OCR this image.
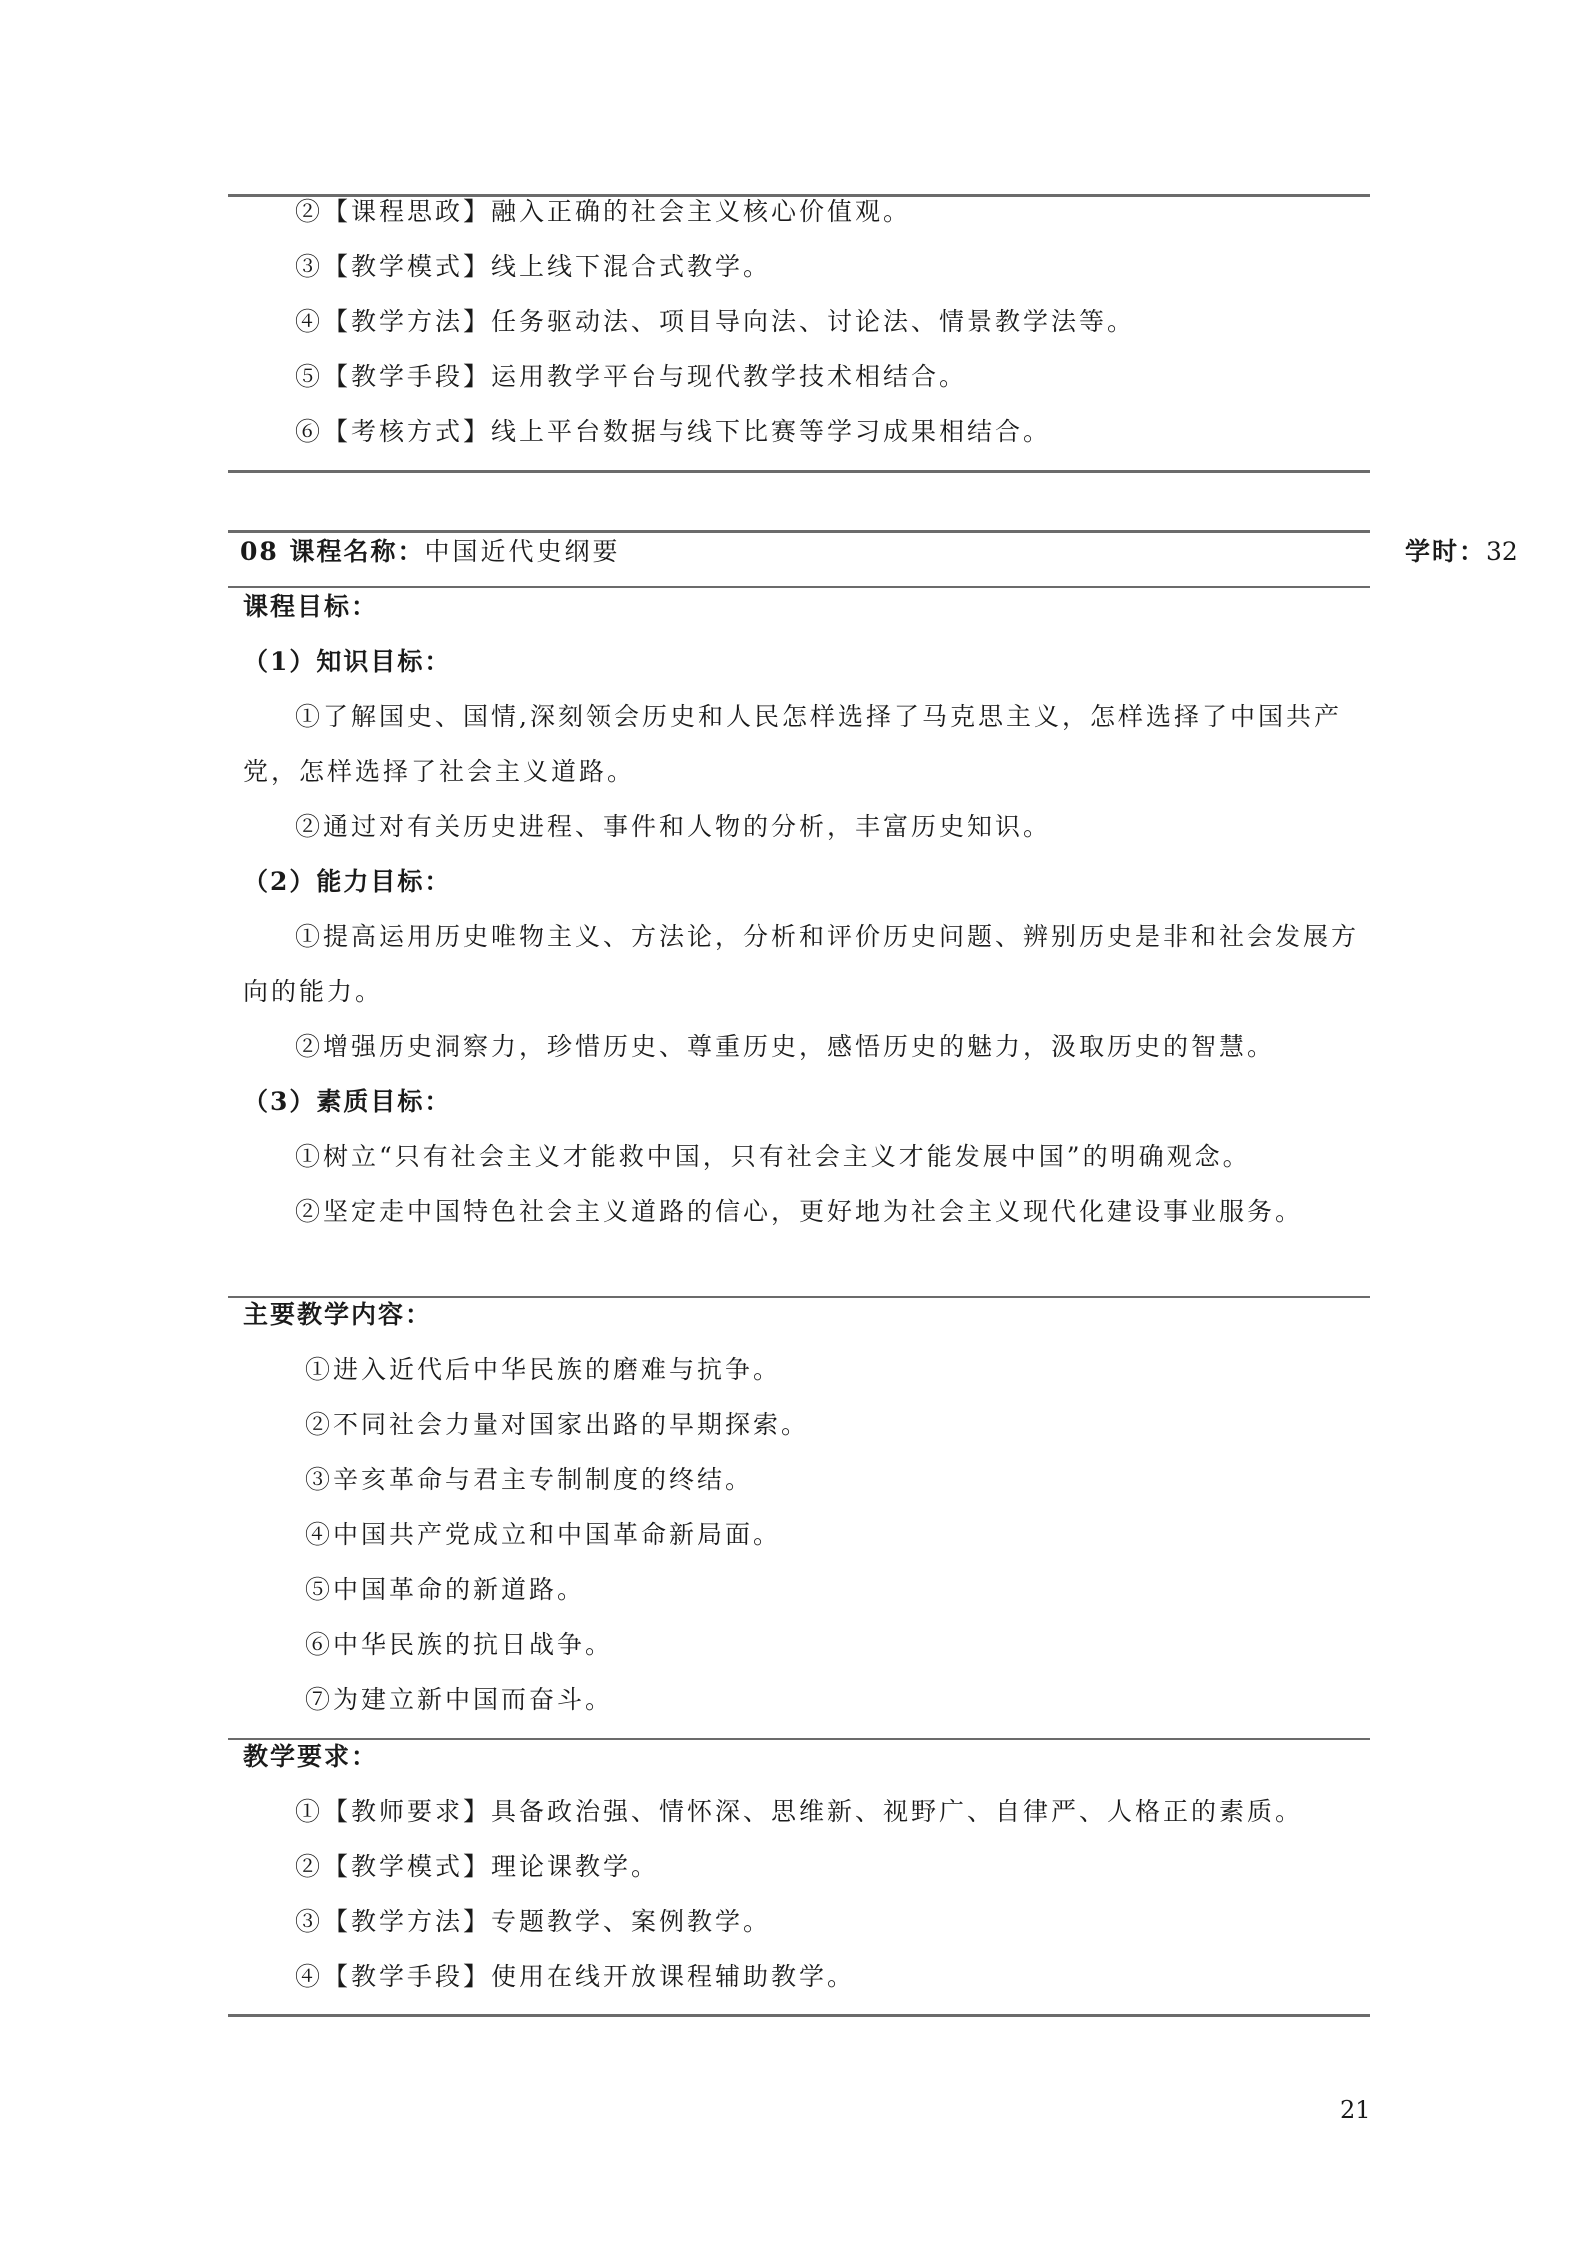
②【课程思政】融入正确的社会主义核心价值观。
③【教学模式】线上线下混合式教学。
④【教学方法】任务驱动法、项目导向法、讨论法、情景教学法等。
⑤【教学手段】运用教学平台与现代教学技术相结合。
⑥【考核方式】线上平台数据与线下比赛等学习成果相结合。
08 课程名称：中国近代史纲要	学时：32
课程目标：
（1）知识目标：
①了解国史、国情,深刻领会历史和人民怎样选择了马克思主义，怎样选择了中国共产
党，怎样选择了社会主义道路。
②通过对有关历史进程、事件和人物的分析，丰富历史知识。
（2）能力目标：
①提高运用历史唯物主义、方法论，分析和评价历史问题、辨别历史是非和社会发展方
向的能力。
②增强历史洞察力，珍惜历史、尊重历史，感悟历史的魅力，汲取历史的智慧。
（3）素质目标：
①树立“只有社会主义才能救中国，只有社会主义才能发展中国”的明确观念。
②坚定走中国特色社会主义道路的信心，更好地为社会主义现代化建设事业服务。
主要教学内容：
①进入近代后中华民族的磨难与抗争。
②不同社会力量对国家出路的早期探索。
③辛亥革命与君主专制制度的终结。
④中国共产党成立和中国革命新局面。
⑤中国革命的新道路。
⑥中华民族的抗日战争。
⑦为建立新中国而奋斗。
教学要求：
①【教师要求】具备政治强、情怀深、思维新、视野广、自律严、人格正的素质。
②【教学模式】理论课教学。
③【教学方法】专题教学、案例教学。
④【教学手段】使用在线开放课程辅助教学。
21
